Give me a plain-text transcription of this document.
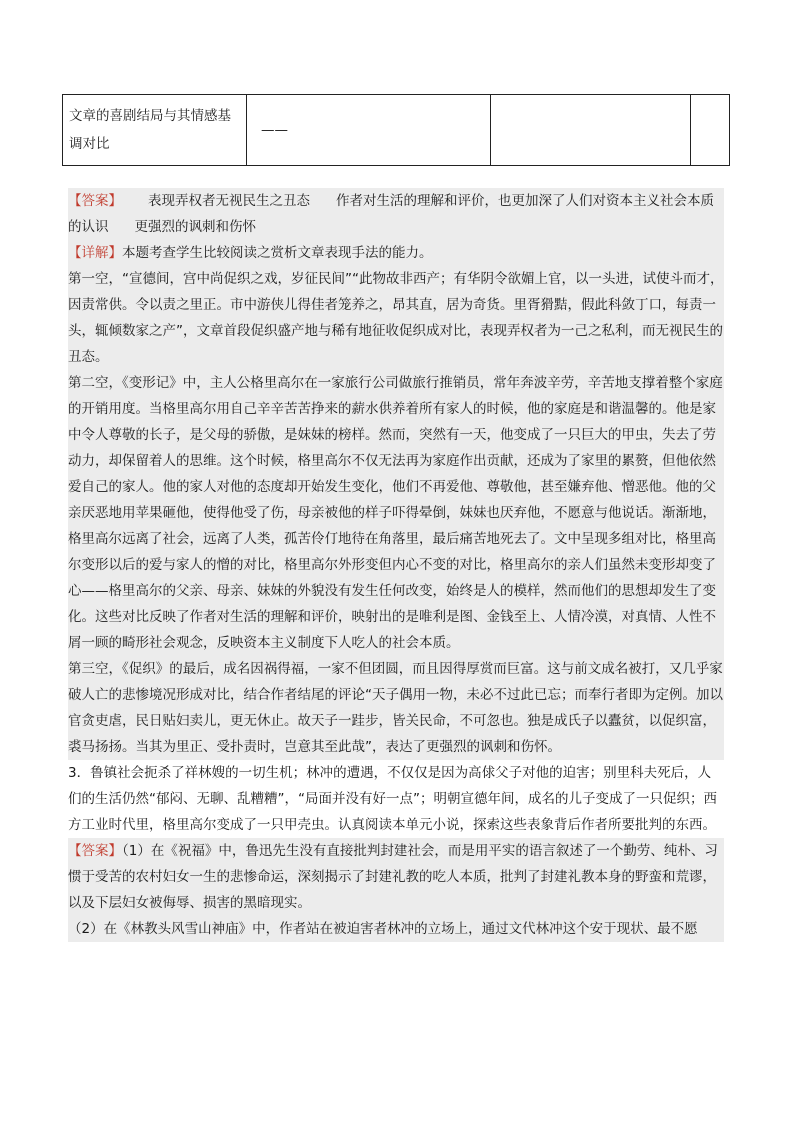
文章的喜剧结局与其情感基调对比	——		

【答案】 表现弄权者无视民生之丑态 作者对生活的理解和评价，也更加深了人们对资本主义社会本质的认识 更强烈的讽刺和伤怀

【详解】本题考查学生比较阅读之赏析文章表现手法的能力。

第一空，“宣德间，宫中尚促织之戏，岁征民间”“此物故非西产；有华阴令欲媚上官，以一头进，试使斗而才，因责常供。令以责之里正。市中游侠儿得佳者笼养之，昂其直，居为奇货。里胥猾黠，假此科敛丁口，每责一头，辄倾数家之产”，文章首段促织盛产地与稀有地征收促织成对比，表现弄权者为一己之私利，而无视民生的丑态。

第二空，《变形记》中，主人公格里高尔在一家旅行公司做旅行推销员，常年奔波辛劳，辛苦地支撑着整个家庭的开销用度。当格里高尔用自己辛辛苦苦挣来的薪水供养着所有家人的时候，他的家庭是和谐温馨的。他是家中令人尊敬的长子，是父母的骄傲，是妹妹的榜样。然而，突然有一天，他变成了一只巨大的甲虫，失去了劳动力，却保留着人的思维。这个时候，格里高尔不仅无法再为家庭作出贡献，还成为了家里的累赘，但他依然爱自己的家人。他的家人对他的态度却开始发生变化，他们不再爱他、尊敬他，甚至嫌弃他、憎恶他。他的父亲厌恶地用苹果砸他，使得他受了伤，母亲被他的样子吓得晕倒，妹妹也厌弃他，不愿意与他说话。渐渐地，格里高尔远离了社会，远离了人类，孤苦伶仃地待在角落里，最后痛苦地死去了。文中呈现多组对比，格里高尔变形以后的爱与家人的憎的对比，格里高尔外形变但内心不变的对比，格里高尔的亲人们虽然未变形却变了心——格里高尔的父亲、母亲、妹妹的外貌没有发生任何改变，始终是人的模样，然而他们的思想却发生了变化。这些对比反映了作者对生活的理解和评价，映射出的是唯利是图、金钱至上、人情冷漠，对真情、人性不屑一顾的畸形社会观念，反映资本主义制度下人吃人的社会本质。

第三空，《促织》的最后，成名因祸得福，一家不但团圆，而且因得厚赏而巨富。这与前文成名被打，又几乎家破人亡的悲惨境况形成对比，结合作者结尾的评论“天子偶用一物，未必不过此已忘；而奉行者即为定例。加以官贪吏虐，民日贴妇卖儿，更无休止。故天子一跬步，皆关民命，不可忽也。独是成氏子以蠹贫，以促织富，裘马扬扬。当其为里正、受扑责时，岂意其至此哉”，表达了更强烈的讽刺和伤怀。

3．鲁镇社会扼杀了祥林嫂的一切生机；林冲的遭遇，不仅仅是因为高俅父子对他的迫害；别里科夫死后，人们的生活仍然“郁闷、无聊、乱糟糟”，“局面并没有好一点”；明朝宣德年间，成名的儿子变成了一只促织；西方工业时代里，格里高尔变成了一只甲壳虫。认真阅读本单元小说，探索这些表象背后作者所要批判的东西。

【答案】（1）在《祝福》中，鲁迅先生没有直接批判封建社会，而是用平实的语言叙述了一个勤劳、纯朴、习惯于受苦的农村妇女一生的悲惨命运，深刻揭示了封建礼教的吃人本质，批判了封建礼教本身的野蛮和荒谬，以及下层妇女被侮辱、损害的黑暗现实。

（2）在《林教头风雪山神庙》中，作者站在被迫害者林冲的立场上，通过文代林冲这个安于现状、最不愿
